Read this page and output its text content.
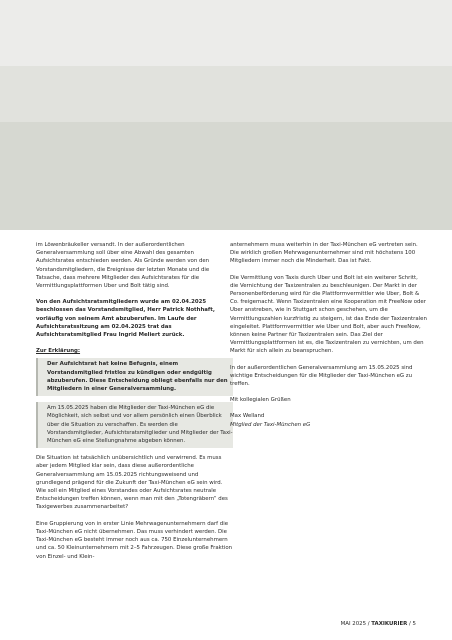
im Löwenbräukeller versandt. In der außerordentlichen Generalversammlung soll über eine Abwahl des gesamten Aufsichtsrates entschieden werden. Als Gründe werden von den Vorstandsmitgliedern, die Ereignisse der letzten Monate und die Tatsache, dass mehrere Mitglieder des Aufsichtsrates für die Vermittlungsplattformen Uber und Bolt tätig sind.

Von den Aufsichtsratsmitgliedern wurde am 02.04.2025 beschlossen das Vorstandsmitglied, Herr Patrick Nothhaft, vorläufig von seinem Amt abzuberufen. Im Laufe der Aufsichtsratssitzung am 02.04.2025 trat das Aufsichtsratsmitglied Frau Ingrid Meliert zurück.

Zur Erklärung:

Der Aufsichtsrat hat keine Befugnis, einem Vorstandsmitglied fristlos zu kündigen oder endgültig abzuberufen. Diese Entscheidung obliegt ebenfalls nur den Mitgliedern in einer Generalversammlung.

Am 15.05.2025 haben die Mitglieder der Taxi-München eG die Möglichkeit, sich selbst und vor allem persönlich einen Überblick über die Situation zu verschaffen. Es werden die Vorstandsmitglieder, Aufsichtsratsmitglieder und Mitglieder der Taxi-München eG eine Stellungnahme abgeben können.

Die Situation ist tatsächlich unübersichtlich und verwirrend. Es muss aber jedem Mitglied klar sein, dass diese außerordentliche Generalversammlung am 15.05.2025 richtungsweisend und grundlegend prägend für die Zukunft der Taxi-München eG sein wird. Wie soll ein Mitglied eines Vorstandes oder Aufsichtsrates neutrale Entscheidungen treffen können, wenn man mit den „Totengräbern“ des Taxigewerbes zusammenarbeitet?

Eine Gruppierung von in erster Linie Mehrwagenunternehmern darf die Taxi-München eG nicht übernehmen. Das muss verhindert werden. Die Taxi-München eG besteht immer noch aus ca. 750 Einzelunternehmern und ca. 50 Kleinunternehmern mit 2–5 Fahrzeugen. Diese große Fraktion von Einzel- und Klein-

anternehmern muss weiterhin in der Taxi-München eG vertreten sein. Die wirklich großen Mehrwagenunternehmer sind mit höchstens 100 Mitgliedern immer noch die Minderheit. Das ist Fakt.

Die Vermittlung von Taxis durch Uber und Bolt ist ein weiterer Schritt, die Vernichtung der Taxizentralen zu beschleunigen. Der Markt in der Personenbeförderung wird für die Plattformvermittler wie Uber, Bolt & Co. freigemacht. Wenn Taxizentralen eine Kooperation mit FreeNow oder Uber anstreben, wie in Stuttgart schon geschehen, um die Vermittlungszahlen kurzfristig zu steigern, ist das Ende der Taxizentralen eingeleitet. Plattformvermittler wie Uber und Bolt, aber auch FreeNow, können keine Partner für Taxizentralen sein. Das Ziel der Vermittlungsplattformen ist es, die Taxizentralen zu vernichten, um den Markt für sich allein zu beanspruchen.

In der außerordentlichen Generalversammlung am 15.05.2025 sind wichtige Entscheidungen für die Mitglieder der Taxi-München eG zu treffen.

Mit kollegialen Grüßen

Max Welland

Mitglied der Taxi-München eG

MAI 2025 / TAXIKURIER / 5
